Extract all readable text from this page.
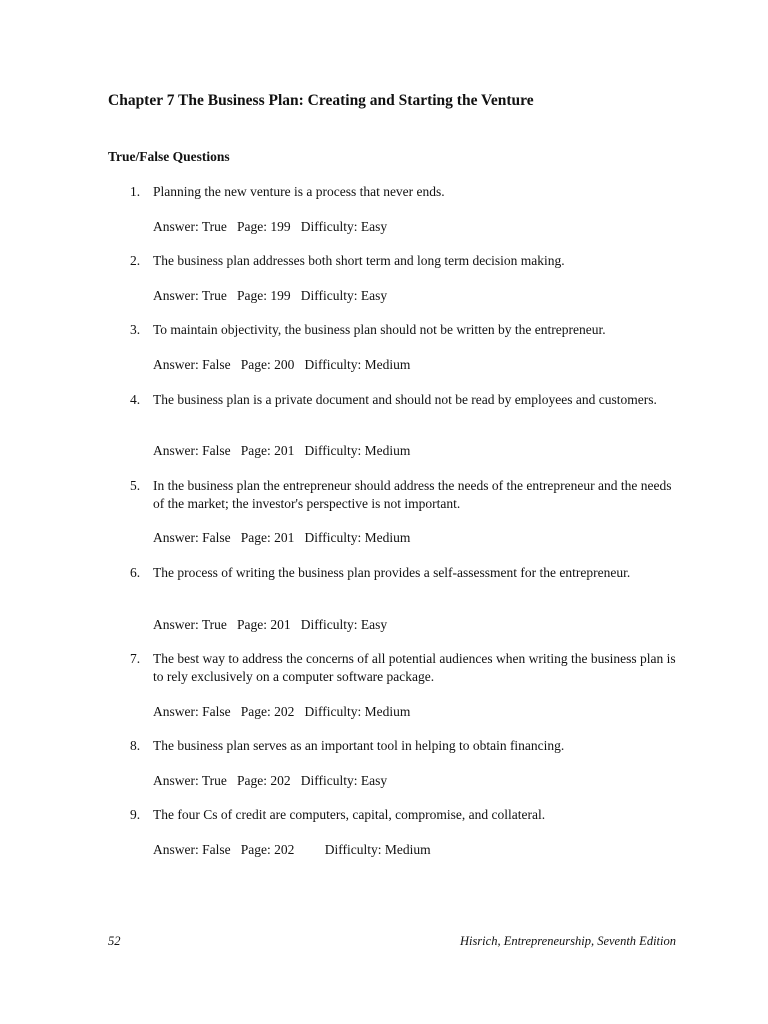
Chapter 7 The Business Plan: Creating and Starting the Venture
True/False Questions
1. Planning the new venture is a process that never ends.
Answer: True   Page: 199   Difficulty: Easy
2. The business plan addresses both short term and long term decision making.
Answer: True   Page: 199   Difficulty: Easy
3. To maintain objectivity, the business plan should not be written by the entrepreneur.
Answer: False   Page: 200   Difficulty: Medium
4. The business plan is a private document and should not be read by employees and customers.
Answer: False   Page: 201   Difficulty: Medium
5. In the business plan the entrepreneur should address the needs of the entrepreneur and the needs of the market; the investor's perspective is not important.
Answer: False   Page: 201   Difficulty: Medium
6. The process of writing the business plan provides a self-assessment for the entrepreneur.
Answer: True   Page: 201   Difficulty: Easy
7. The best way to address the concerns of all potential audiences when writing the business plan is to rely exclusively on a computer software package.
Answer: False   Page: 202   Difficulty: Medium
8. The business plan serves as an important tool in helping to obtain financing.
Answer: True   Page: 202   Difficulty: Easy
9. The four Cs of credit are computers, capital, compromise, and collateral.
Answer: False   Page: 202         Difficulty: Medium
52	Hisrich, Entrepreneurship, Seventh Edition
